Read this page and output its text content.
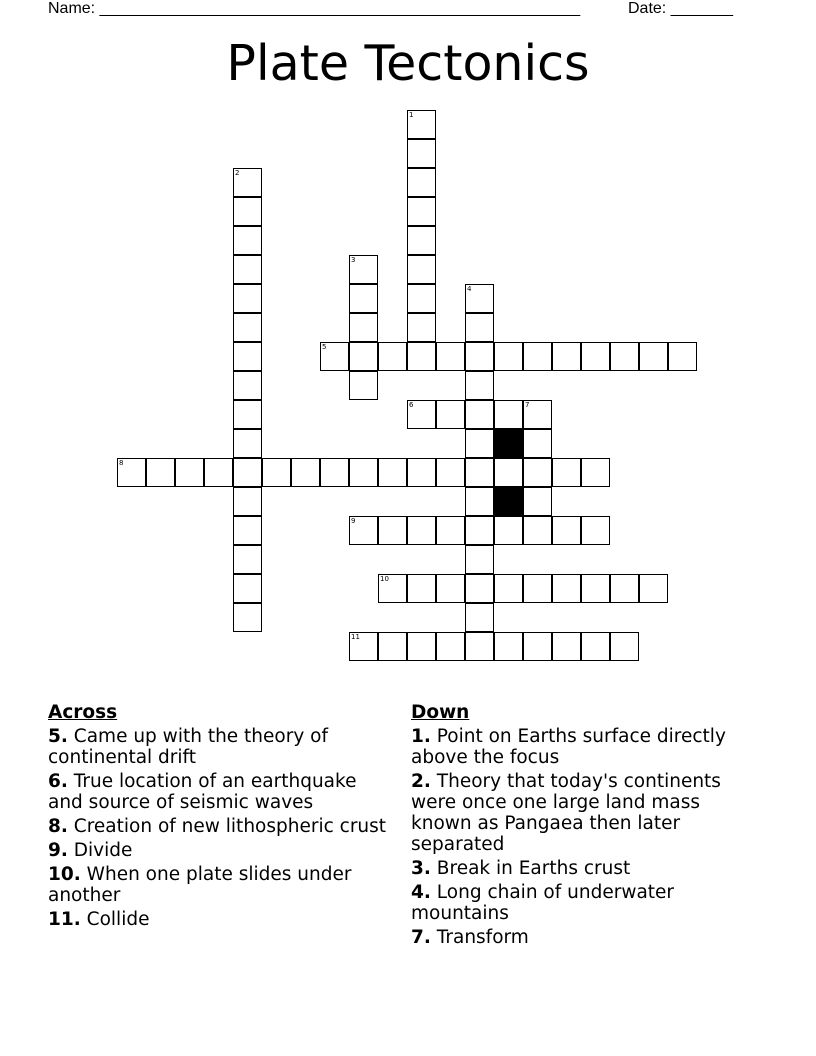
Name: ______________________________________________________	Date: _______
Plate Tectonics
1
2
3
4
5
6	7
8
9
10
11
Across
5. Came up with the theory of continental drift
6. True location of an earthquake and source of seismic waves
8. Creation of new lithospheric crust
9. Divide
10. When one plate slides under another
11. Collide
Down
1. Point on Earths surface directly above the focus
2. Theory that today's continents were once one large land mass known as Pangaea then later separated
3. Break in Earths crust
4. Long chain of underwater mountains
7. Transform
